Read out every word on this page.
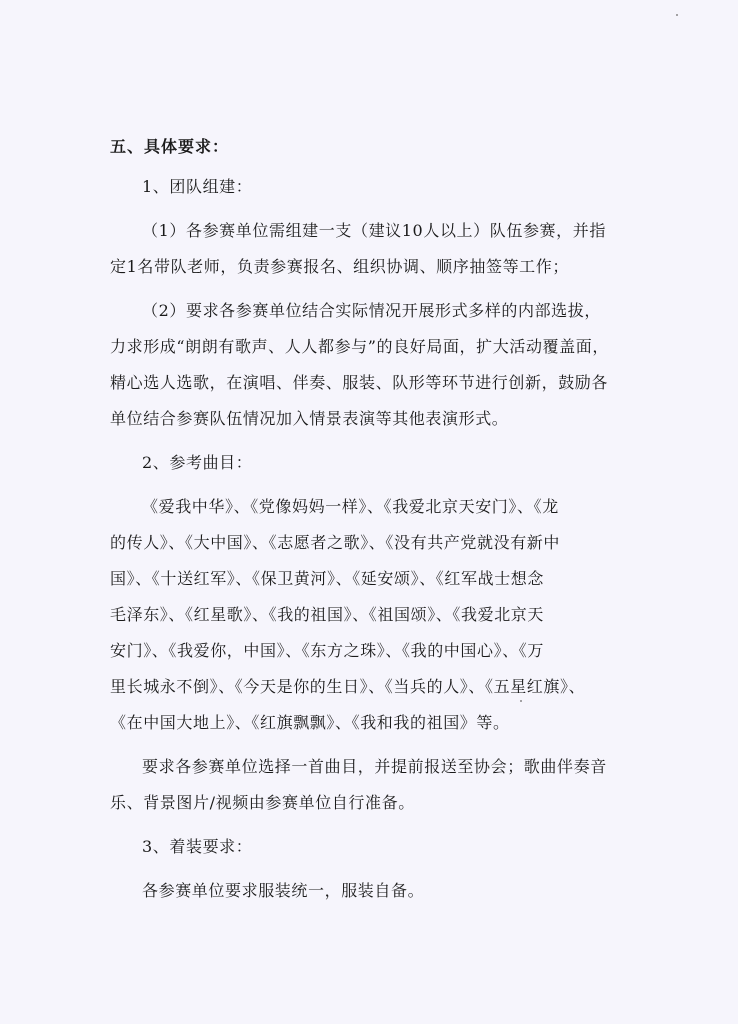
五、具体要求：
1、团队组建：
（1）各参赛单位需组建一支（建议10人以上）队伍参赛，并指
定1名带队老师，负责参赛报名、组织协调、顺序抽签等工作；
（2）要求各参赛单位结合实际情况开展形式多样的内部选拔，
力求形成“朗朗有歌声、人人都参与”的良好局面，扩大活动覆盖面，
精心选人选歌，在演唱、伴奏、服装、队形等环节进行创新，鼓励各
单位结合参赛队伍情况加入情景表演等其他表演形式。
2、参考曲目：
《爱我中华》、《党像妈妈一样》、《我爱北京天安门》、《龙
的传人》、《大中国》、《志愿者之歌》、《没有共产党就没有新中
国》、《十送红军》、《保卫黄河》、《延安颂》、《红军战士想念
毛泽东》、《红星歌》、《我的祖国》、《祖国颂》、《我爱北京天
安门》、《我爱你，中国》、《东方之珠》、《我的中国心》、《万
里长城永不倒》、《今天是你的生日》、《当兵的人》、《五星红旗》、
《在中国大地上》、《红旗飘飘》、《我和我的祖国》等。
要求各参赛单位选择一首曲目，并提前报送至协会；歌曲伴奏音
乐、背景图片/视频由参赛单位自行准备。
3、着装要求：
各参赛单位要求服装统一，服装自备。
